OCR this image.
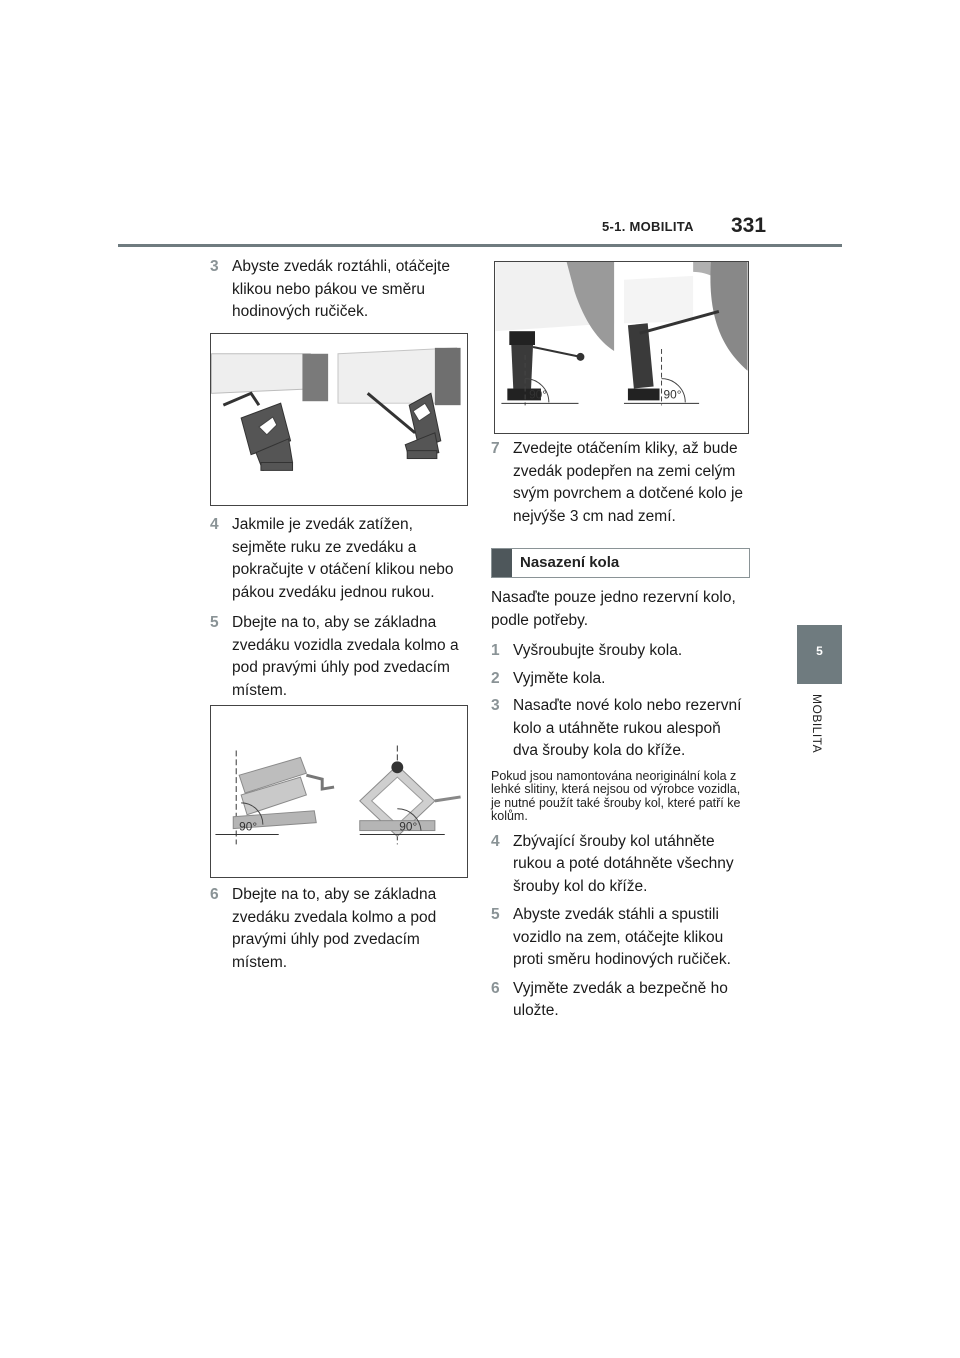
5-1. MOBILITA 331
5
MOBILITA
3 Abyste zvedák roztáhli, otáčejte klikou nebo pákou ve směru hodinových ručiček.
4 Jakmile je zvedák zatížen, sejměte ruku ze zvedáku a pokračujte v otáčení klikou nebo pákou zvedáku jednou rukou.
5 Dbejte na to, aby se základna zvedáku vozidla zvedala kolmo a pod pravými úhly pod zvedacím místem.
90°	90°
6 Dbejte na to, aby se základna zvedáku zvedala kolmo a pod pravými úhly pod zvedacím místem.
90°	90°
7 Zvedejte otáčením kliky, až bude zvedák podepřen na zemi celým svým povrchem a dotčené kolo je nejvýše 3 cm nad zemí.
Nasazení kola
Nasaďte pouze jedno rezervní kolo, podle potřeby.
1 Vyšroubujte šrouby kola.
2 Vyjměte kola.
3 Nasaďte nové kolo nebo rezervní kolo a utáhněte rukou alespoň dva šrouby kola do kříže.
Pokud jsou namontována neoriginální kola z lehké slitiny, která nejsou od výrobce vozidla, je nutné použít také šrouby kol, které patří ke kolům.
4 Zbývající šrouby kol utáhněte rukou a poté dotáhněte všechny šrouby kol do kříže.
5 Abyste zvedák stáhli a spustili vozidlo na zem, otáčejte klikou proti směru hodinových ručiček.
6 Vyjměte zvedák a bezpečně ho uložte.
